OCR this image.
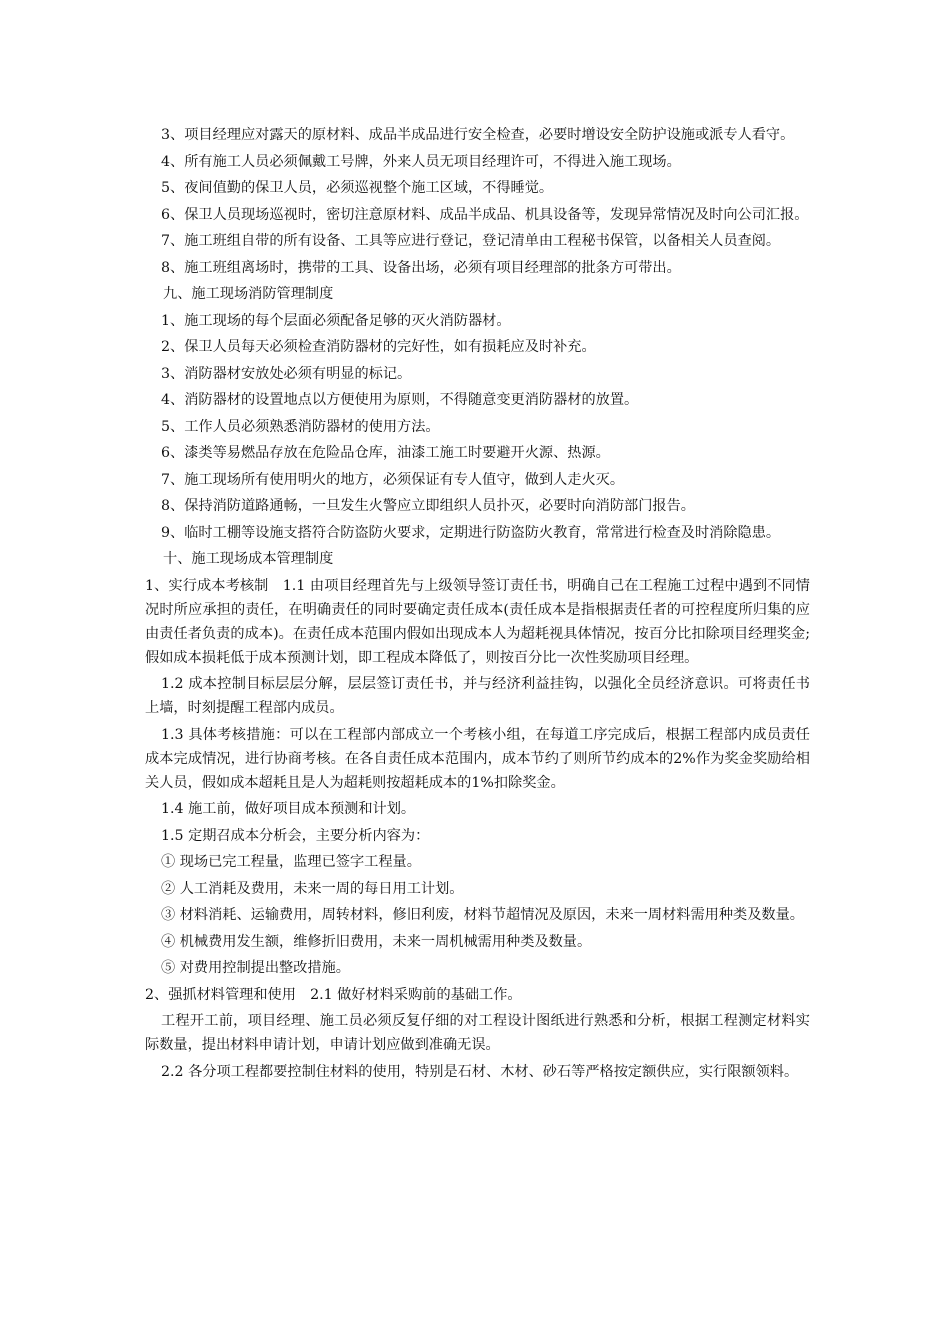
3、项目经理应对露天的原材料、成品半成品进行安全检查，必要时增设安全防护设施或派专人看守。

4、所有施工人员必须佩戴工号牌，外来人员无项目经理许可，不得进入施工现场。

5、夜间值勤的保卫人员，必须巡视整个施工区域，不得睡觉。

6、保卫人员现场巡视时，密切注意原材料、成品半成品、机具设备等，发现异常情况及时向公司汇报。

7、施工班组自带的所有设备、工具等应进行登记，登记清单由工程秘书保管，以备相关人员查阅。

8、施工班组离场时，携带的工具、设备出场，必须有项目经理部的批条方可带出。

九、施工现场消防管理制度

1、施工现场的每个层面必须配备足够的灭火消防器材。

2、保卫人员每天必须检查消防器材的完好性，如有损耗应及时补充。

3、消防器材安放处必须有明显的标记。

4、消防器材的设置地点以方便使用为原则，不得随意变更消防器材的放置。

5、工作人员必须熟悉消防器材的使用方法。

6、漆类等易燃品存放在危险品仓库，油漆工施工时要避开火源、热源。

7、施工现场所有使用明火的地方，必须保证有专人值守，做到人走火灭。

8、保持消防道路通畅，一旦发生火警应立即组织人员扑灭，必要时向消防部门报告。

9、临时工棚等设施支搭符合防盗防火要求，定期进行防盗防火教育，常常进行检查及时消除隐患。

十、施工现场成本管理制度

1、实行成本考核制　1.1 由项目经理首先与上级领导签订责任书，明确自己在工程施工过程中遇到不同情况时所应承担的责任，在明确责任的同时要确定责任成本(责任成本是指根据责任者的可控程度所归集的应由责任者负责的成本)。在责任成本范围内假如出现成本人为超耗视具体情况，按百分比扣除项目经理奖金;假如成本损耗低于成本预测计划，即工程成本降低了，则按百分比一次性奖励项目经理。

1.2 成本控制目标层层分解，层层签订责任书，并与经济利益挂钩，以强化全员经济意识。可将责任书上墙，时刻提醒工程部内成员。

1.3 具体考核措施：可以在工程部内部成立一个考核小组，在每道工序完成后，根据工程部内成员责任成本完成情况，进行协商考核。在各自责任成本范围内，成本节约了则所节约成本的2%作为奖金奖励给相关人员，假如成本超耗且是人为超耗则按超耗成本的1%扣除奖金。

1.4 施工前，做好项目成本预测和计划。

1.5 定期召成本分析会，主要分析内容为：

① 现场已完工程量，监理已签字工程量。

② 人工消耗及费用，未来一周的每日用工计划。

③ 材料消耗、运输费用，周转材料，修旧利废，材料节超情况及原因，未来一周材料需用种类及数量。

④ 机械费用发生额，维修折旧费用，未来一周机械需用种类及数量。

⑤ 对费用控制提出整改措施。

2、强抓材料管理和使用　2.1 做好材料采购前的基础工作。

工程开工前，项目经理、施工员必须反复仔细的对工程设计图纸进行熟悉和分析，根据工程测定材料实际数量，提出材料申请计划，申请计划应做到准确无误。

2.2 各分项工程都要控制住材料的使用，特别是石材、木材、砂石等严格按定额供应，实行限额领料。
